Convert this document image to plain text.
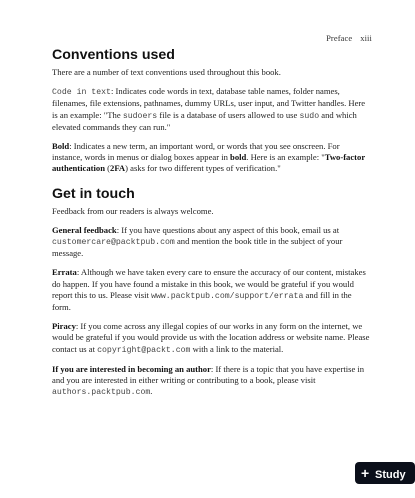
Preface xiii
Conventions used

There are a number of text conventions used throughout this book.

Code in text: Indicates code words in text, database table names, folder names, filenames, file extensions, pathnames, dummy URLs, user input, and Twitter handles. Here is an example: "The sudoers file is a database of users allowed to use sudo and which elevated commands they can run."

Bold: Indicates a new term, an important word, or words that you see onscreen. For instance, words in menus or dialog boxes appear in bold. Here is an example: "Two-factor authentication (2FA) asks for two different types of verification."

Get in touch

Feedback from our readers is always welcome.

General feedback: If you have questions about any aspect of this book, email us at customercare@packtpub.com and mention the book title in the subject of your message.

Errata: Although we have taken every care to ensure the accuracy of our content, mistakes do happen. If you have found a mistake in this book, we would be grateful if you would report this to us. Please visit www.packtpub.com/support/errata and fill in the form.

Piracy: If you come across any illegal copies of our works in any form on the internet, we would be grateful if you would provide us with the location address or website name. Please contact us at copyright@packt.com with a link to the material.

If you are interested in becoming an author: If there is a topic that you have expertise in and you are interested in either writing or contributing to a book, please visit authors.packtpub.com.

+ Study
